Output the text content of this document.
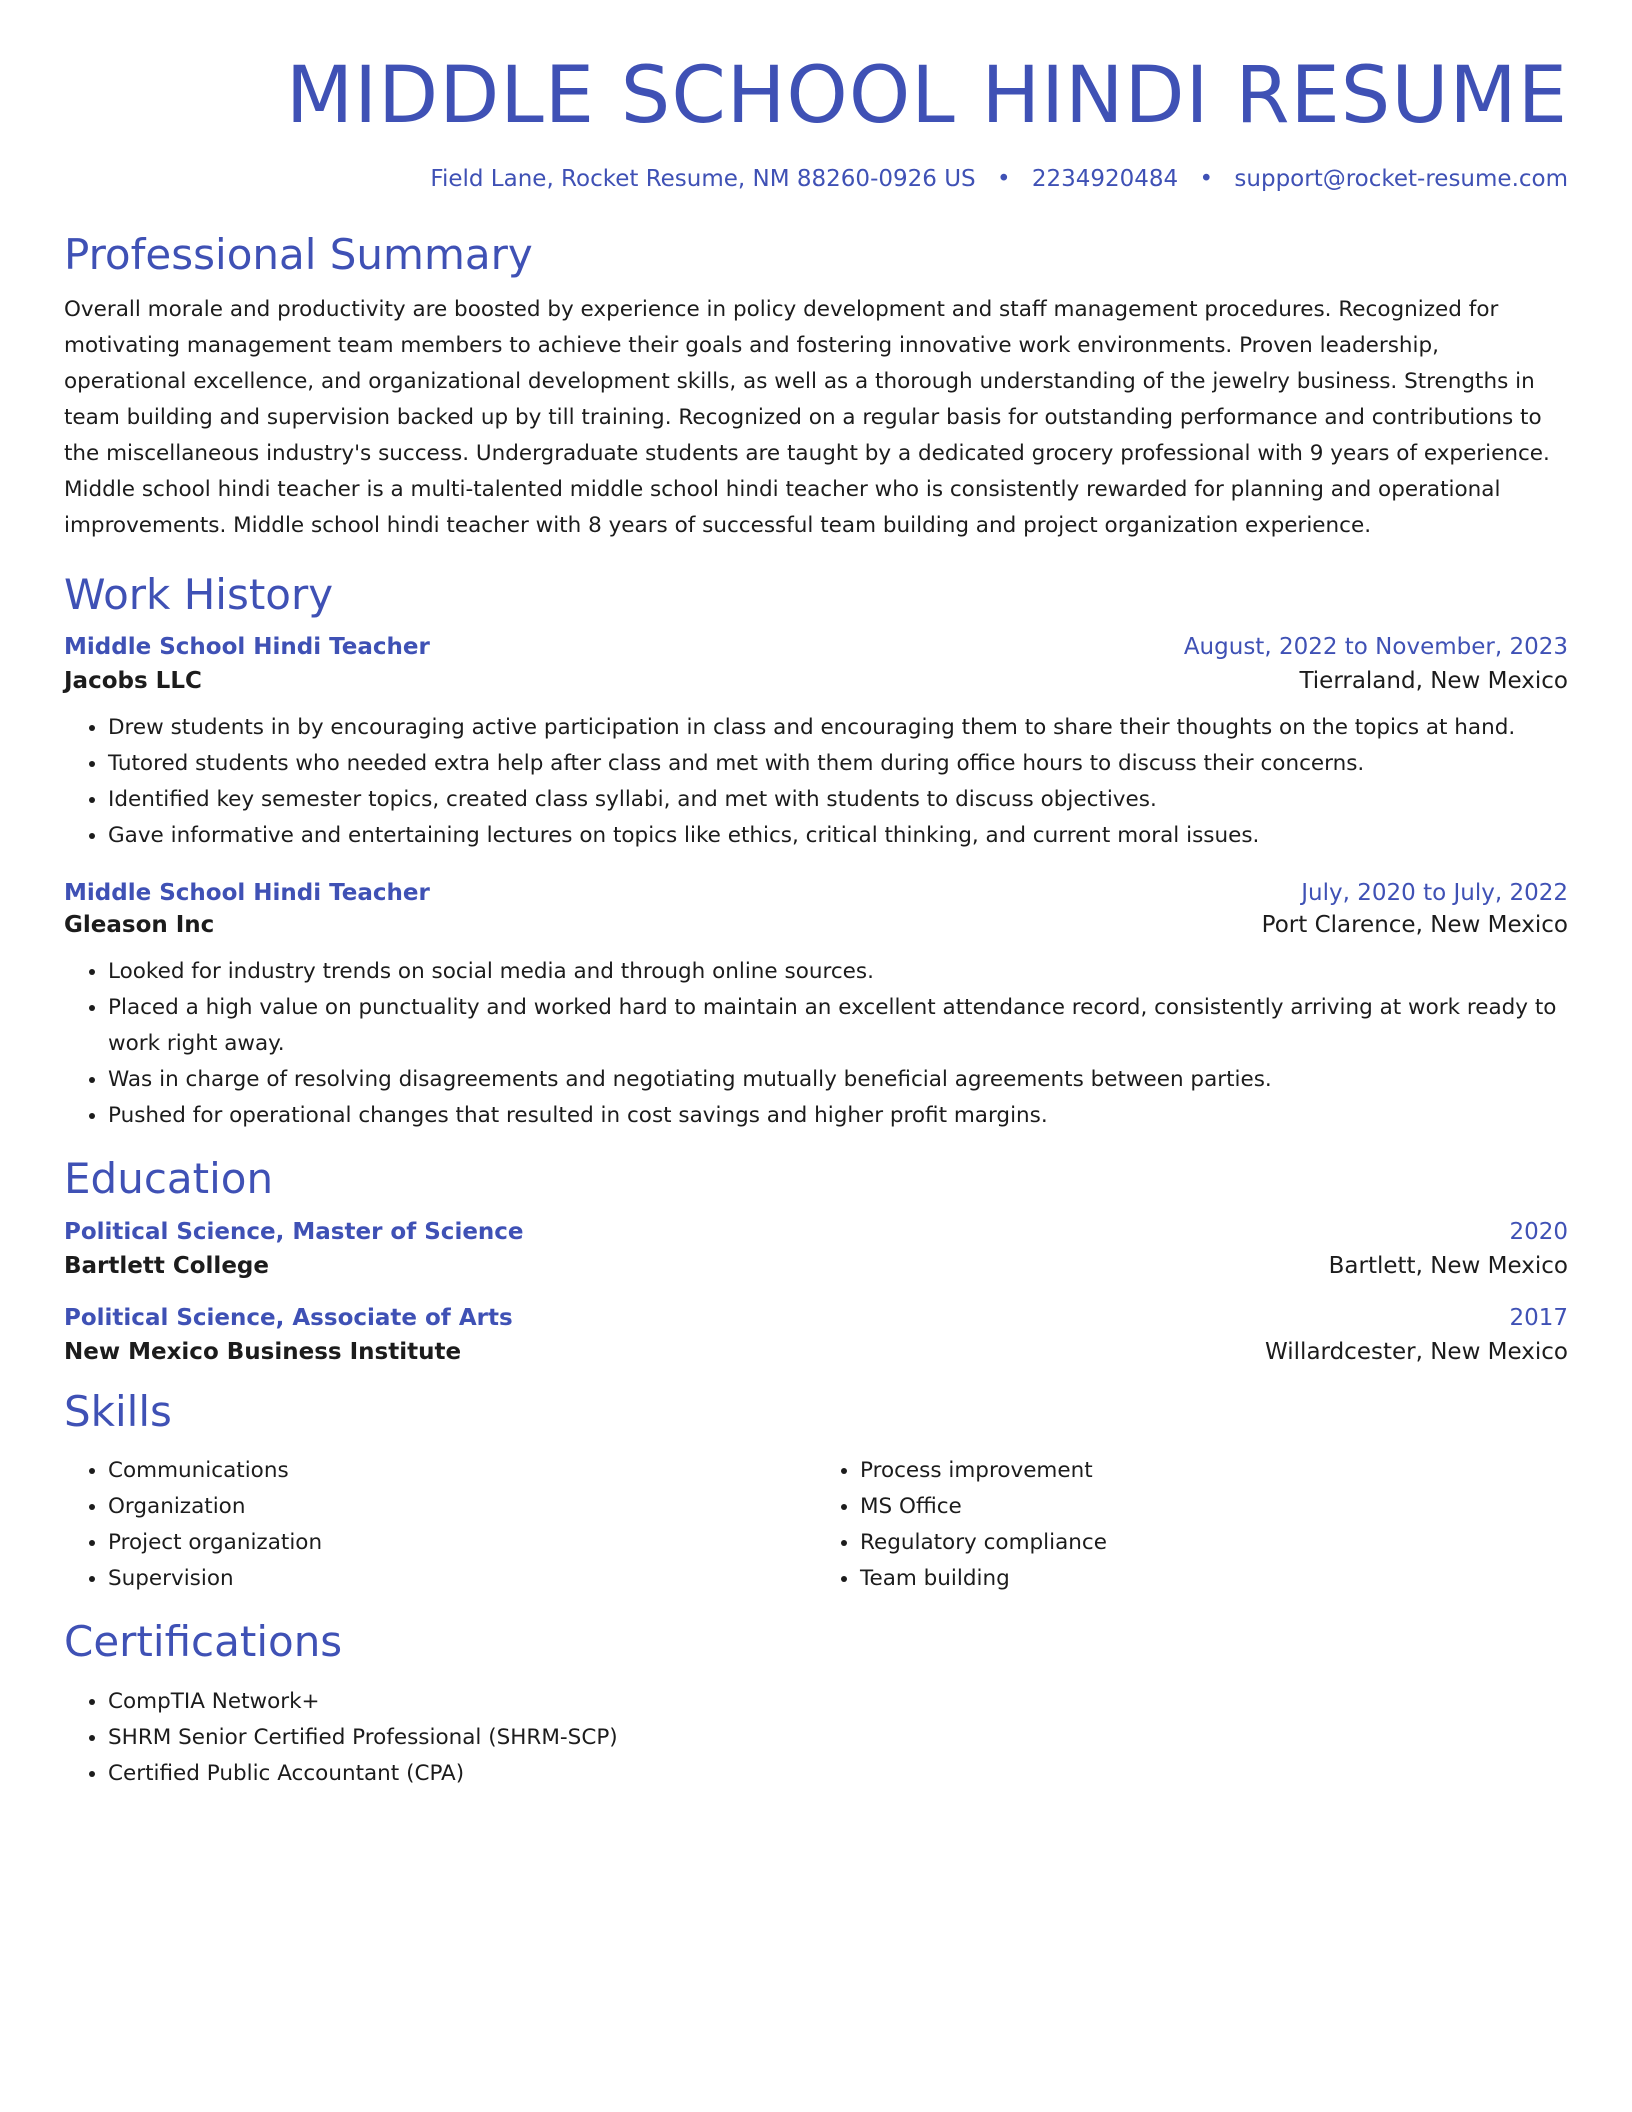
MIDDLE SCHOOL HINDI RESUME
Field Lane, Rocket Resume, NM 88260-0926 US • 2234920484 • support@rocket-resume.com
Professional Summary

Overall morale and productivity are boosted by experience in policy development and staff management procedures. Recognized for motivating management team members to achieve their goals and fostering innovative work environments. Proven leadership, operational excellence, and organizational development skills, as well as a thorough understanding of the jewelry business. Strengths in team building and supervision backed up by till training. Recognized on a regular basis for outstanding performance and contributions to the miscellaneous industry's success. Undergraduate students are taught by a dedicated grocery professional with 9 years of experience. Middle school hindi teacher is a multi-talented middle school hindi teacher who is consistently rewarded for planning and operational improvements. Middle school hindi teacher with 8 years of successful team building and project organization experience.

Work History
Middle School Hindi Teacher	August, 2022 to November, 2023
Jacobs LLC	Tierraland, New Mexico
• Drew students in by encouraging active participation in class and encouraging them to share their thoughts on the topics at hand.
• Tutored students who needed extra help after class and met with them during office hours to discuss their concerns.
• Identified key semester topics, created class syllabi, and met with students to discuss objectives.
• Gave informative and entertaining lectures on topics like ethics, critical thinking, and current moral issues.
Middle School Hindi Teacher	July, 2020 to July, 2022
Gleason Inc	Port Clarence, New Mexico
• Looked for industry trends on social media and through online sources.
• Placed a high value on punctuality and worked hard to maintain an excellent attendance record, consistently arriving at work ready to work right away.
• Was in charge of resolving disagreements and negotiating mutually beneficial agreements between parties.
• Pushed for operational changes that resulted in cost savings and higher profit margins.
Education
Political Science, Master of Science	2020
Bartlett College	Bartlett, New Mexico
Political Science, Associate of Arts	2017
New Mexico Business Institute	Willardcester, New Mexico
Skills
• Communications
• Organization
• Project organization
• Supervision
• Process improvement
• MS Office
• Regulatory compliance
• Team building
Certifications
• CompTIA Network+
• SHRM Senior Certified Professional (SHRM-SCP)
• Certified Public Accountant (CPA)
